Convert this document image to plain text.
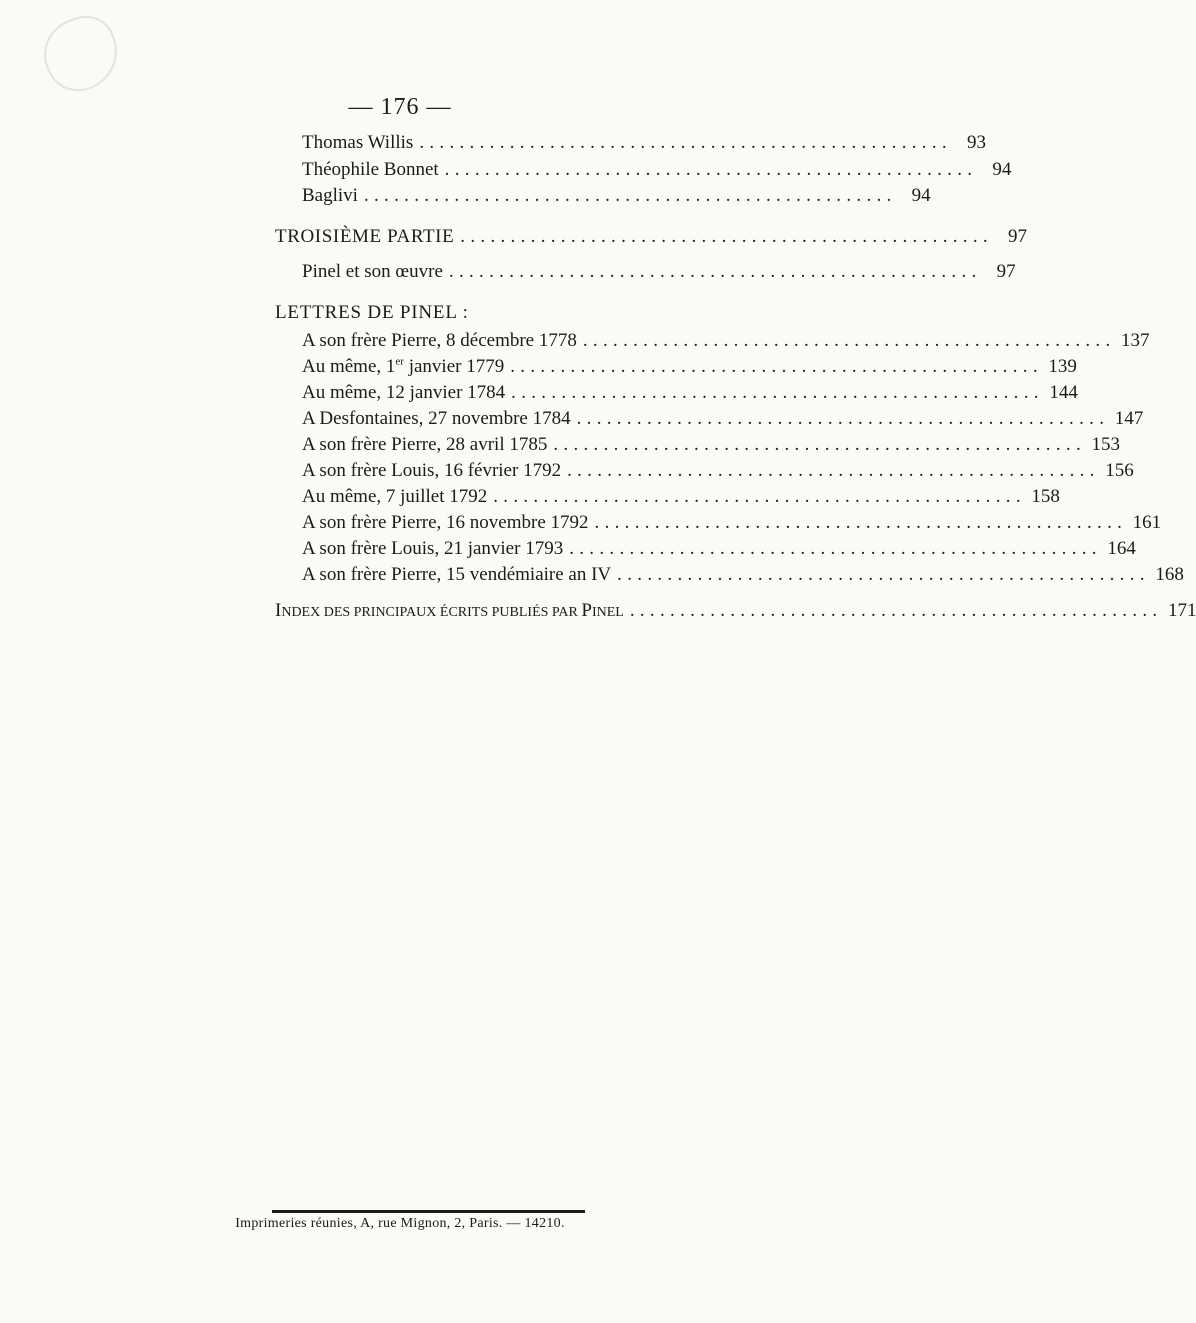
— 176 —
Thomas Willis ..................................................... 93
Théophile Bonnet ..................................................... 94
Baglivi ..................................................... 94
TROISIÈME PARTIE ..................................................... 97
Pinel et son œuvre ..................................................... 97
LETTRES DE PINEL :
A son frère Pierre, 8 décembre 1778 ..................................................... 137
Au même, 1er janvier 1779 ..................................................... 139
Au même, 12 janvier 1784 ..................................................... 144
A Desfontaines, 27 novembre 1784 ..................................................... 147
A son frère Pierre, 28 avril 1785 ..................................................... 153
A son frère Louis, 16 février 1792 ..................................................... 156
Au même, 7 juillet 1792 ..................................................... 158
A son frère Pierre, 16 novembre 1792 ..................................................... 161
A son frère Louis, 21 janvier 1793 ..................................................... 164
A son frère Pierre, 15 vendémiaire an IV ..................................................... 168
INDEX DES PRINCIPAUX ÉCRITS PUBLIÉS PAR PINEL ..................................................... 171
Imprimeries réunies, A, rue Mignon, 2, Paris. — 14210.
